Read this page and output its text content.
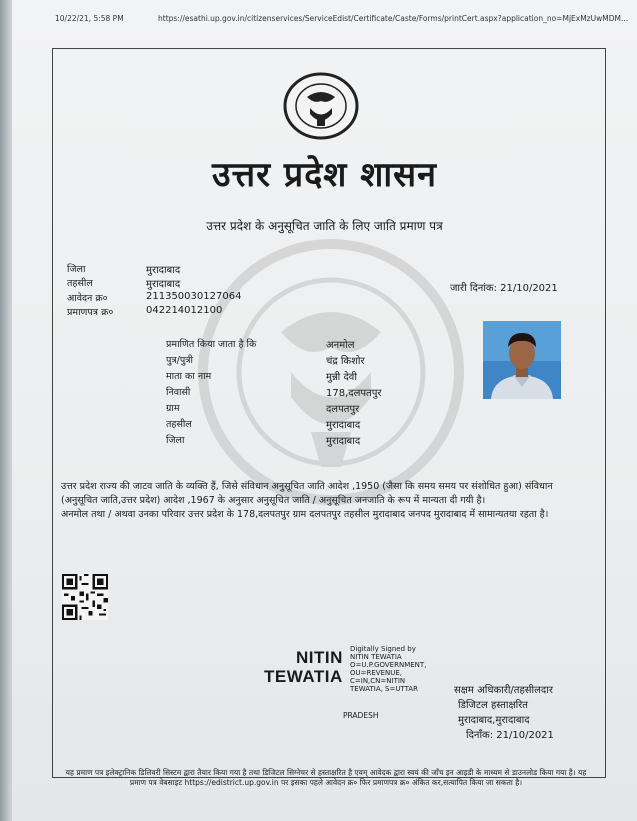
10/22/21, 5:58 PM	https://esathi.up.gov.in/citizenservices/ServiceEdist/Certificate/Caste/Forms/printCert.aspx?application_no=MjExMzUwMDM...
उत्तर प्रदेश शासन
उत्तर प्रदेश के अनुसूचित जाति के लिए जाति प्रमाण पत्र
जिला	मुरादाबाद
तहसील	मुरादाबाद
आवेदन क्र०	211350030127064
प्रमाणपत्र क्र०	042214012100
जारी दिनांक: 21/10/2021
प्रमाणित किया जाता है कि	अनमोल
पुत्र/पुत्री	चंद्र किशोर
माता का नाम	मुन्नी देवी
निवासी	178,दलपतपुर
ग्राम	दलपतपुर
तहसील	मुरादाबाद
जिला	मुरादाबाद
उत्तर प्रदेश राज्य की जाटव जाति के व्यक्ति हैं, जिसे संविधान अनुसूचित जाति आदेश ,1950 (जैसा कि समय समय पर संशोधित हुआ) संविधान (अनुसूचित जाति,उत्तर प्रदेश) आदेश ,1967 के अनुसार अनुसूचित जाति / अनुसूचित जनजाति के रूप में मान्यता दी गयी है।
अनमोल तथा / अथवा उनका परिवार उत्तर प्रदेश के 178,दलपतपुर ग्राम दलपतपुर तहसील मुरादाबाद जनपद मुरादाबाद में सामान्यतया रहता है।
NITIN
TEWATIA
Digitally Signed by
NITIN TEWATIA
O=U.P.GOVERNMENT,
OU=REVENUE,
C=IN,CN=NITIN
TEWATIA, S=UTTAR
PRADESH
सक्षम अधिकारी/तहसीलदार
डिजिटल हस्ताक्षरित
मुरादाबाद,मुरादाबाद
दिनाँक: 21/10/2021
यह प्रमाण पत्र इलेक्ट्रानिक डिलिवरी सिस्टम द्वारा तैयार किया गया है तथा डिजिटल सिग्नेचर से हस्ताक्षरित है एवम् आवेदक द्वारा स्वयं की जाँच इन आइडी के माध्यम से डाउनलोड किया गया है। यह प्रमाण पत्र वेबसाइट https://edistrict.up.gov.in पर इसका पहले आवेदन क्र० फिर प्रमाणपत्र क्र० अंकित कर,सत्यापित किया जा सकता है।
